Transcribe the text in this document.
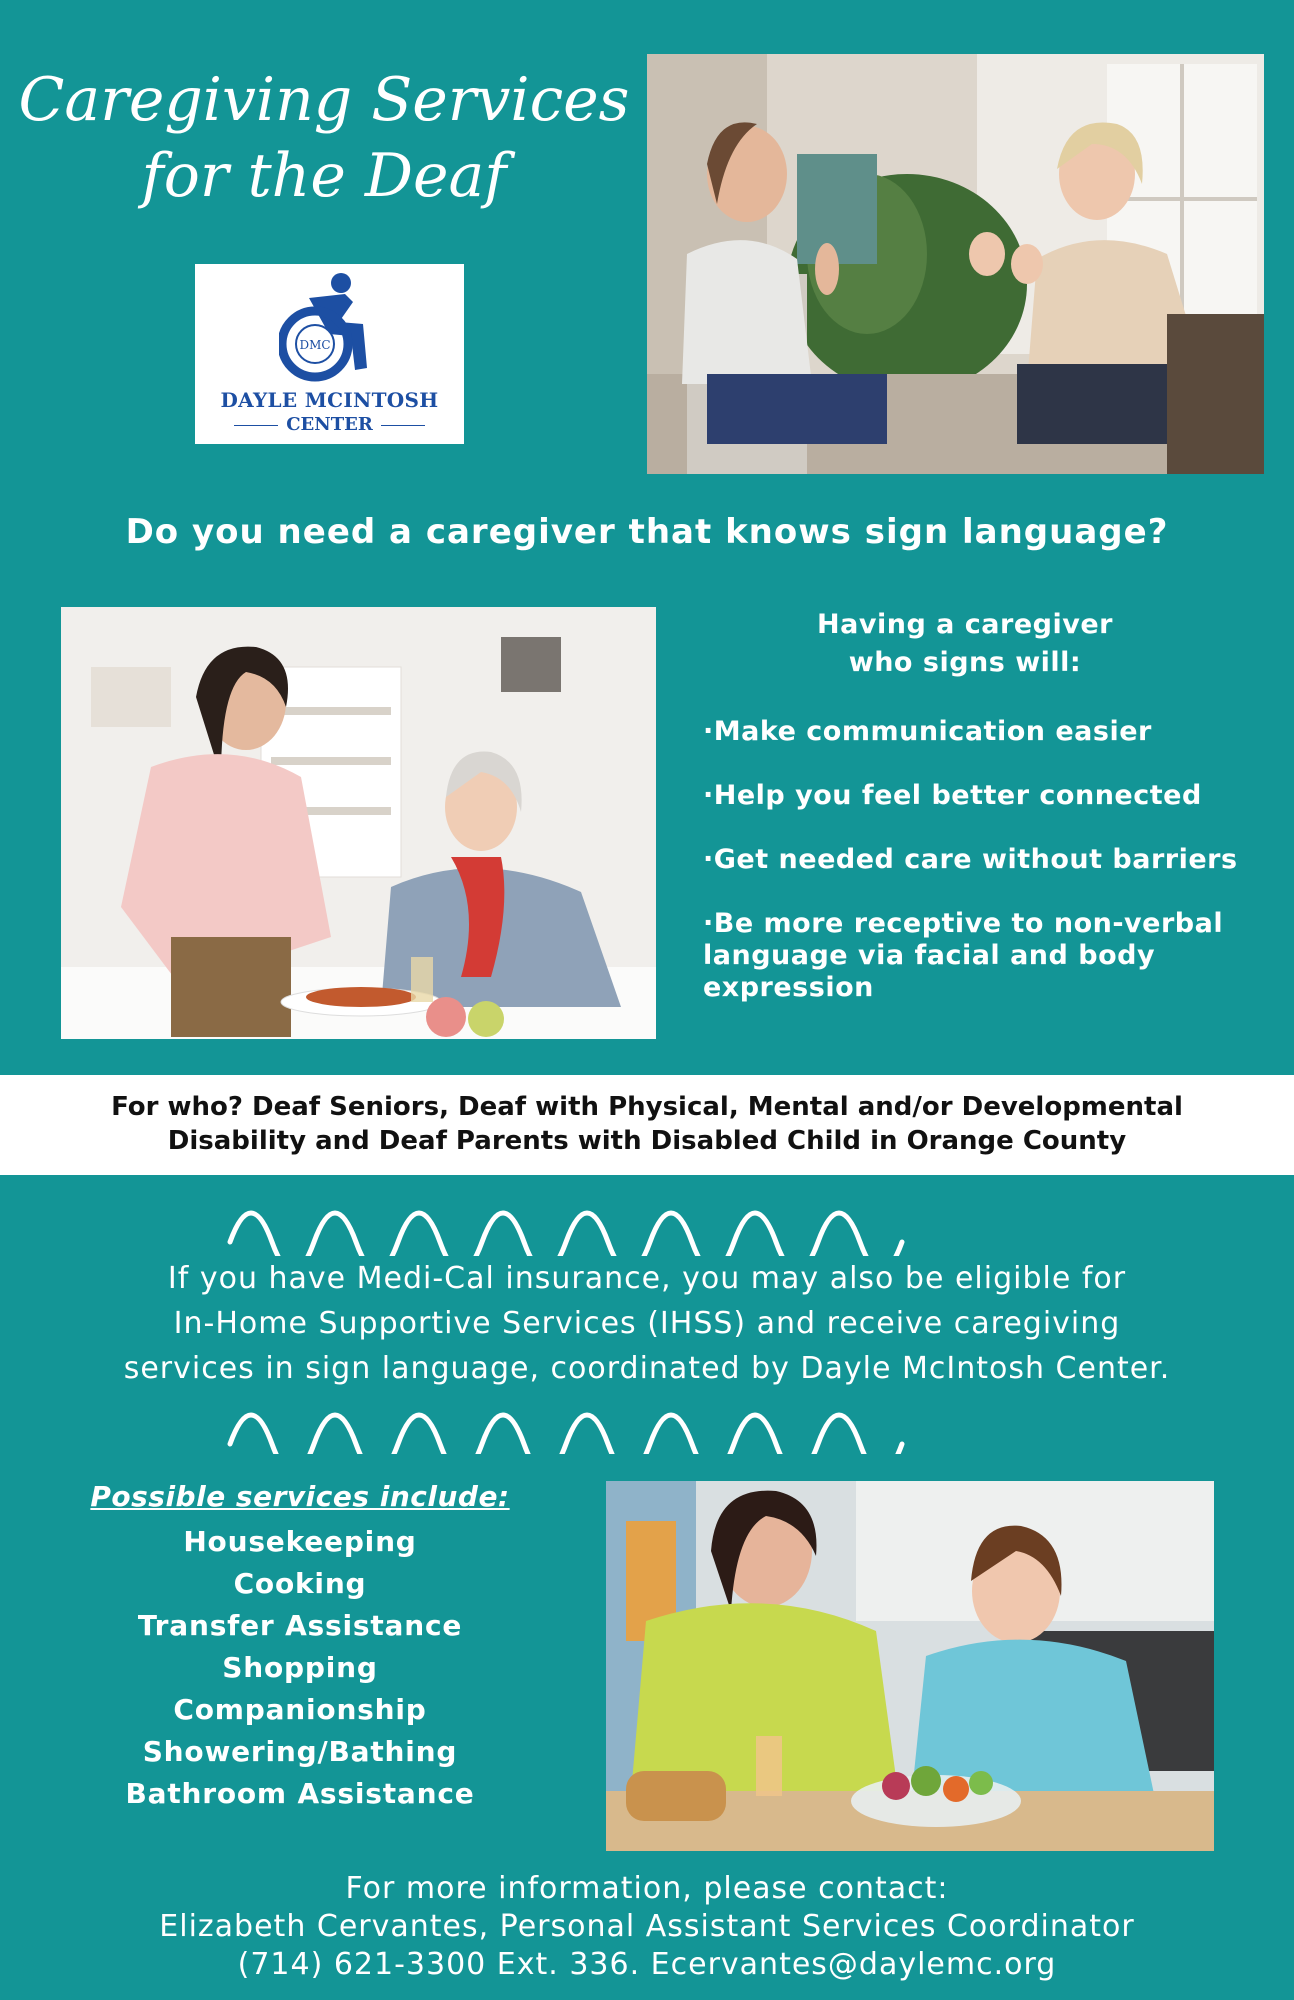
Caregiving Services
for the Deaf
DMC
DAYLE MCINTOSH
CENTER
Do you need a caregiver that knows sign language?
Having a caregiver
who signs will:
·Make communication easier
·Help you feel better connected
·Get needed care without barriers
·Be more receptive to non-verbal language via facial and body expression
For who? Deaf Seniors, Deaf with Physical, Mental and/or Developmental
Disability and Deaf Parents with Disabled Child in Orange County
If you have Medi-Cal insurance, you may also be eligible for
In-Home Supportive Services (IHSS) and receive caregiving
services in sign language, coordinated by Dayle McIntosh Center.
Possible services include:
Housekeeping
Cooking
Transfer Assistance
Shopping
Companionship
Showering/Bathing
Bathroom Assistance
For more information, please contact:
Elizabeth Cervantes, Personal Assistant Services Coordinator
(714) 621-3300 Ext. 336. Ecervantes@daylemc.org
